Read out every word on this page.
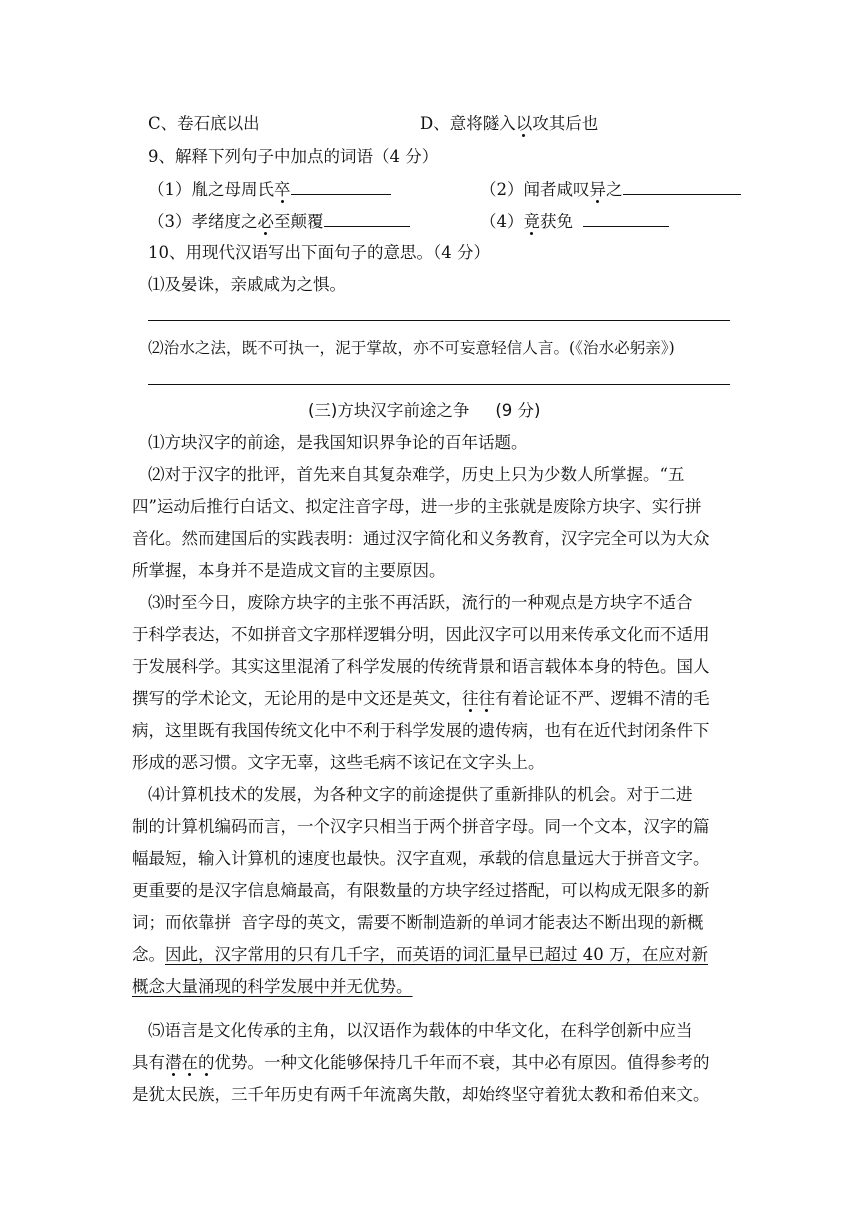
C、卷石底以出	D、意将隧入以攻其后也
9、解释下列句子中加点的词语（4 分）
（1）胤之母周氏卒	（2）闻者咸叹异之
（3）孝绪度之必至颠覆	（4）竟获免
10、用现代汉语写出下面句子的意思。（4 分）
⑴及晏诛，亲戚咸为之惧。
⑵治水之法，既不可执一，泥于掌故，亦不可妄意轻信人言。(《治水必躬亲》)
(三)方块汉字前途之争 (9 分)
⑴方块汉字的前途，是我国知识界争论的百年话题。
⑵对于汉字的批评，首先来自其复杂难学，历史上只为少数人所掌握。“五
四”运动后推行白话文、拟定注音字母，进一步的主张就是废除方块字、实行拼
音化。然而建国后的实践表明：通过汉字简化和义务教育，汉字完全可以为大众
所掌握，本身并不是造成文盲的主要原因。
⑶时至今日，废除方块字的主张不再活跃，流行的一种观点是方块字不适合
于科学表达，不如拼音文字那样逻辑分明，因此汉字可以用来传承文化而不适用
于发展科学。其实这里混淆了科学发展的传统背景和语言载体本身的特色。国人
撰写的学术论文，无论用的是中文还是英文，往往有着论证不严、逻辑不清的毛
病，这里既有我国传统文化中不利于科学发展的遗传病，也有在近代封闭条件下
形成的恶习惯。文字无辜，这些毛病不该记在文字头上。
⑷计算机技术的发展，为各种文字的前途提供了重新排队的机会。对于二进
制的计算机编码而言，一个汉字只相当于两个拼音字母。同一个文本，汉字的篇
幅最短，输入计算机的速度也最快。汉字直观，承载的信息量远大于拼音文字。
更重要的是汉字信息熵最高，有限数量的方块字经过搭配，可以构成无限多的新
词；而依靠拼  音字母的英文，需要不断制造新的单词才能表达不断出现的新概
念。因此，汉字常用的只有几千字，而英语的词汇量早已超过 40 万，在应对新
概念大量涌现的科学发展中并无优势。
⑸语言是文化传承的主角，以汉语作为载体的中华文化，在科学创新中应当
具有潜在的优势。一种文化能够保持几千年而不衰，其中必有原因。值得参考的
是犹太民族，三千年历史有两千年流离失散，却始终坚守着犹太教和希伯来文。
